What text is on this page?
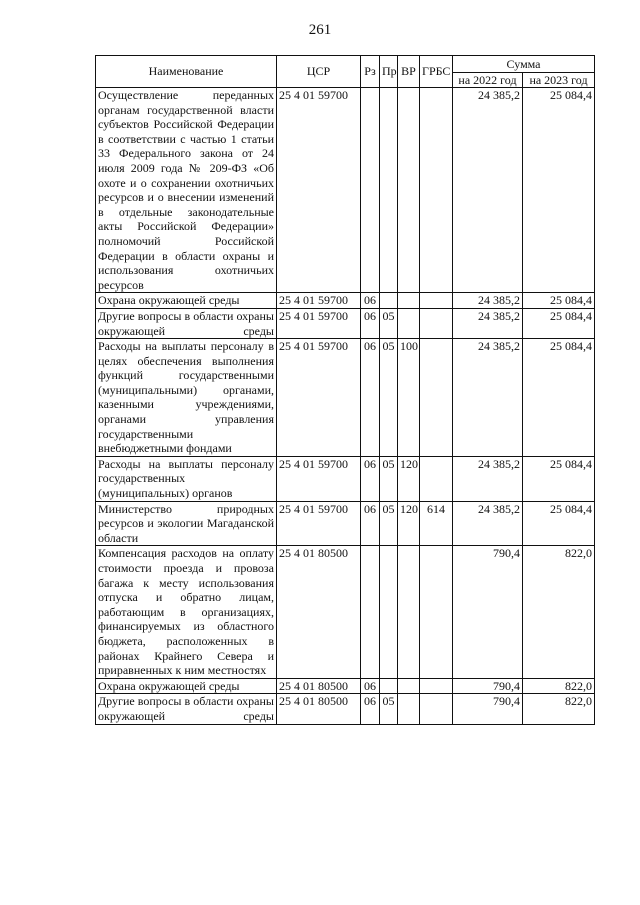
261
Наименование	ЦСР	Рз	Пр	ВР	ГРБС	Сумма	
						на 2022 год	на 2023 год
Осуществление переданных органам государственной власти субъектов Российской Федерации в соответствии с частью 1 статьи 33 Федерального закона от 24 июля 2009 года № 209-ФЗ «Об охоте и о сохранении охотничьих ресурсов и о внесении изменений в отдельные законодательные акты Российской Федерации» полномочий Российской Федерации в области охраны и использования охотничьих ресурсов	25 4 01 59700					24 385,2	25 084,4
Охрана окружающей среды	25 4 01 59700	06				24 385,2	25 084,4
Другие вопросы в области охраны окружающей среды	25 4 01 59700	06	05			24 385,2	25 084,4
Расходы на выплаты персоналу в целях обеспечения выполнения функций государственными (муниципальными) органами, казенными учреждениями, органами управления государственными внебюджетными фондами	25 4 01 59700	06	05	100		24 385,2	25 084,4
Расходы на выплаты персоналу государственных (муниципальных) органов	25 4 01 59700	06	05	120		24 385,2	25 084,4
Министерство природных ресурсов и экологии Магаданской области	25 4 01 59700	06	05	120	614	24 385,2	25 084,4
Компенсация расходов на оплату стоимости проезда и провоза багажа к месту использования отпуска и обратно лицам, работающим в организациях, финансируемых из областного бюджета, расположенных в районах Крайнего Севера и приравненных к ним местностях	25 4 01 80500					790,4	822,0
Охрана окружающей среды	25 4 01 80500	06				790,4	822,0
Другие вопросы в области охраны окружающей среды	25 4 01 80500	06	05			790,4	822,0
